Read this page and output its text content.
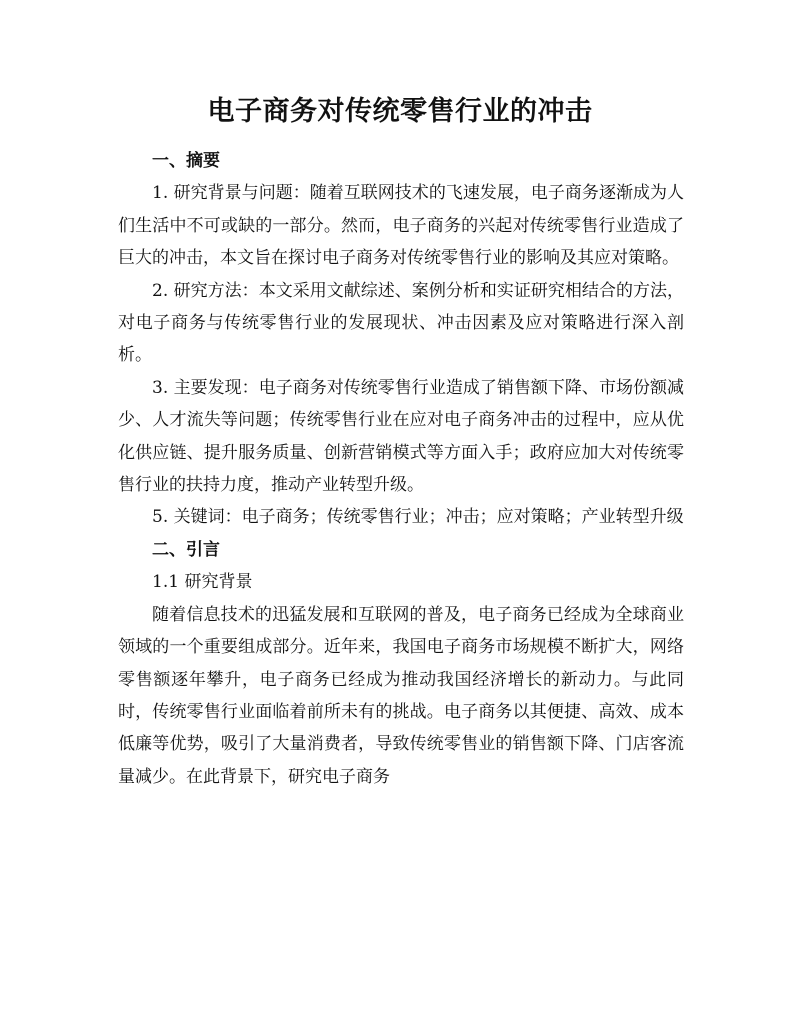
电子商务对传统零售行业的冲击

一、摘要

1. 研究背景与问题：随着互联网技术的飞速发展，电子商务逐渐成为人们生活中不可或缺的一部分。然而，电子商务的兴起对传统零售行业造成了巨大的冲击，本文旨在探讨电子商务对传统零售行业的影响及其应对策略。

2. 研究方法：本文采用文献综述、案例分析和实证研究相结合的方法，对电子商务与传统零售行业的发展现状、冲击因素及应对策略进行深入剖析。

3. 主要发现：电子商务对传统零售行业造成了销售额下降、市场份额减少、人才流失等问题；传统零售行业在应对电子商务冲击的过程中，应从优化供应链、提升服务质量、创新营销模式等方面入手；政府应加大对传统零售行业的扶持力度，推动产业转型升级。

5. 关键词：电子商务；传统零售行业；冲击；应对策略；产业转型升级

二、引言

1.1 研究背景

随着信息技术的迅猛发展和互联网的普及，电子商务已经成为全球商业领域的一个重要组成部分。近年来，我国电子商务市场规模不断扩大，网络零售额逐年攀升，电子商务已经成为推动我国经济增长的新动力。与此同时，传统零售行业面临着前所未有的挑战。电子商务以其便捷、高效、成本低廉等优势，吸引了大量消费者，导致传统零售业的销售额下降、门店客流量减少。在此背景下，研究电子商务
